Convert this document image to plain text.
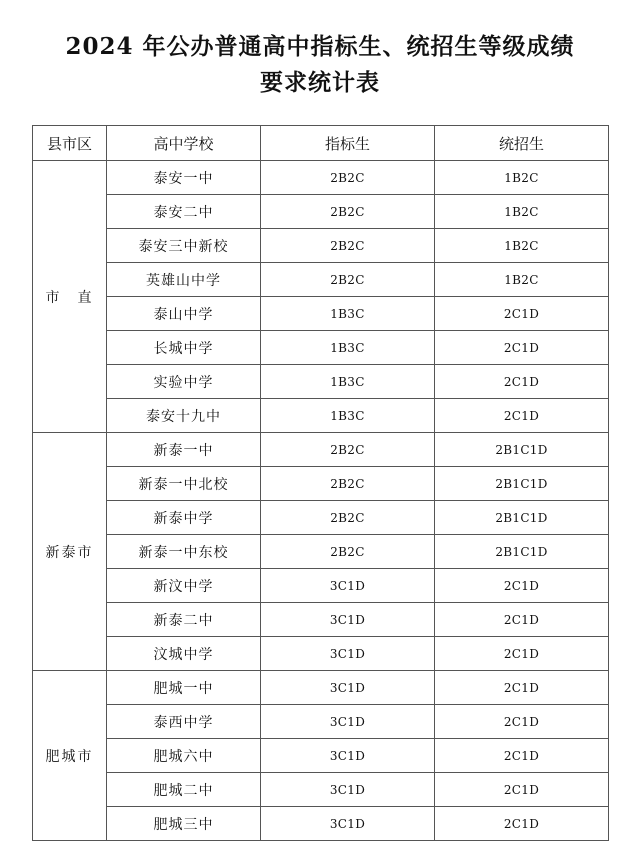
2024 年公办普通高中指标生、统招生等级成绩
要求统计表
县市区	高中学校	指标生	统招生
市　直	泰安一中	2B2C	1B2C
	泰安二中	2B2C	1B2C
	泰安三中新校	2B2C	1B2C
	英雄山中学	2B2C	1B2C
	泰山中学	1B3C	2C1D
	长城中学	1B3C	2C1D
	实验中学	1B3C	2C1D
	泰安十九中	1B3C	2C1D
新泰市	新泰一中	2B2C	2B1C1D
	新泰一中北校	2B2C	2B1C1D
	新泰中学	2B2C	2B1C1D
	新泰一中东校	2B2C	2B1C1D
	新汶中学	3C1D	2C1D
	新泰二中	3C1D	2C1D
	汶城中学	3C1D	2C1D
肥城市	肥城一中	3C1D	2C1D
	泰西中学	3C1D	2C1D
	肥城六中	3C1D	2C1D
	肥城二中	3C1D	2C1D
	肥城三中	3C1D	2C1D
